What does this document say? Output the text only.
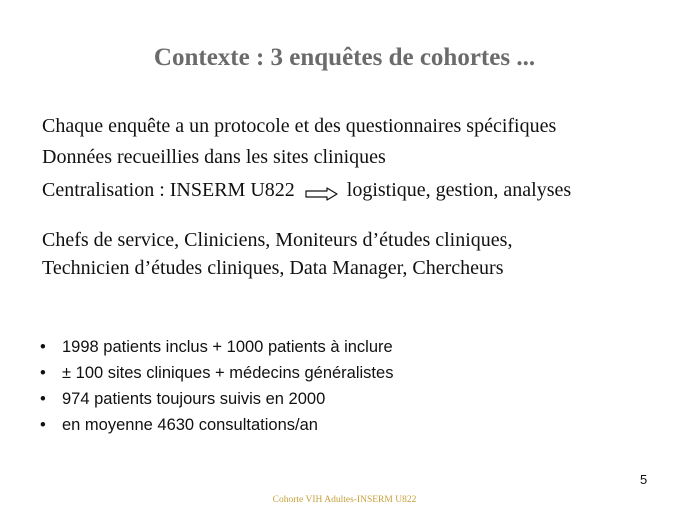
Contexte : 3 enquêtes de cohortes ...
Chaque enquête a un protocole et des questionnaires spécifiques
Données recueillies dans les sites cliniques
Centralisation : INSERM U822	logistique, gestion, analyses
Chefs de service, Cliniciens, Moniteurs d’études cliniques,
Technicien d’études cliniques, Data Manager, Chercheurs
• 1998 patients inclus + 1000 patients à inclure
• ± 100 sites cliniques + médecins généralistes
• 974 patients toujours suivis en 2000
• en moyenne 4630 consultations/an
5
Cohorte VIH Adultes-INSERM U822
